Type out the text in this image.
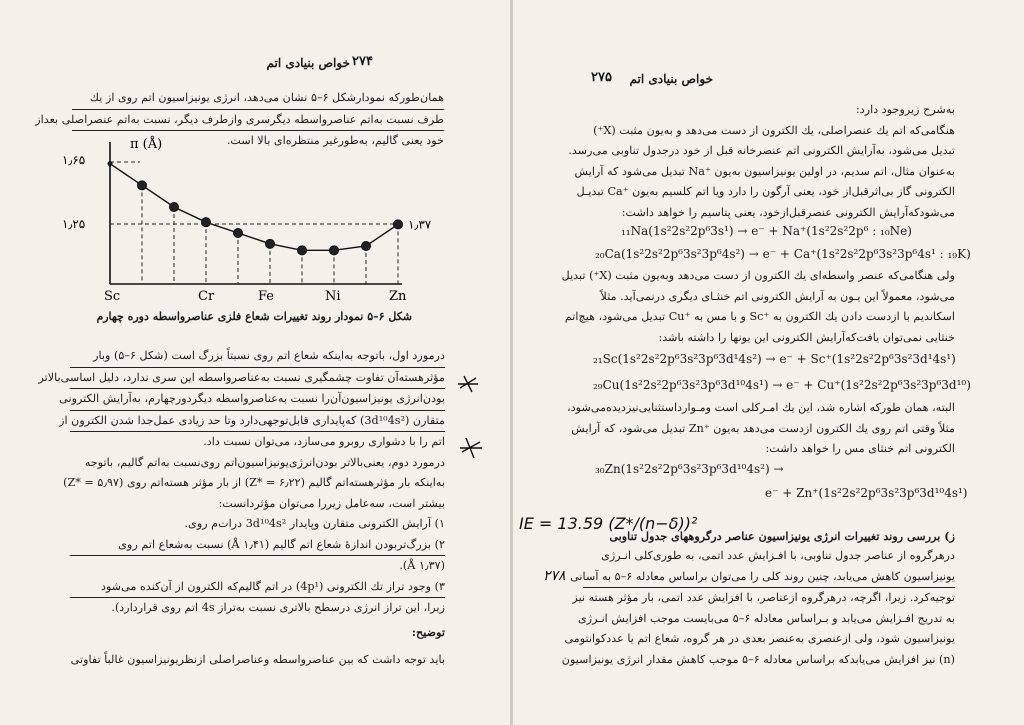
۲۷۴
خواص بنیادی اتم
همان‌طورکه نمودارشکل ۶–۵ نشان می‌دهد، انرژی یونیزاسیون اتم روی از یك
طرف نسبت به‌اتم عناصرواسطه دیگرسری وازطرف دیگر، نسبت به‌اتم عنصراصلی بعداز
خود یعنی گالیم، به‌طورغیر منتظره‌ای بالا است.
π (Å)
۱٫۶۵
۱٫۲۵	۱٫۳۷
Sc	Cr	Fe	Ni	Zn
شکل ۶–۵ نمودار روند تغییرات شعاع فلزی عناصرواسطه دوره چهارم
درمورد اول، باتوجه به‌اینکه شعاع اتم روی نسبتاً بزرگ است (شکل ۶–۵) وبار
مؤثرهسته‌آن تفاوت چشمگیری نسبت به‌عناصرواسطه این سری ندارد، دلیل اساسی‌بالاتر
بودن‌انرژی یونیزاسیون‌آن‌را نسبت به‌عناصرواسطه دیگردورچهارم، به‌آرایش الکترونی
متقارن (3d¹⁰4s²) که‌پایداری قابل‌توجهی‌دارد وتا حد زیادی عمل‌جدا شدن الکترون از
اتم را با دشواری روبرو می‌سازد، می‌توان نسبت داد.
درمورد دوم، یعنی‌بالاتر بودن‌انرژی‌یونیزاسیون‌اتم روی‌نسبت به‌اتم گالیم، باتوجه
به‌اینکه بار مؤثرهسته‌اتم گالیم (۶٫۲۲ = *Z) از بار مؤثر هسته‌اتم روی (۵٫۹۷ = *Z)
بیشتر است، سه‌عامل زیررا می‌توان مؤثردانست:
۱) آرایش الکترونی متقارن وپایدار 3d¹⁰4s² درات‌م روی.
۲) بزرگ‌تربودن اندازهٔ شعاع اتم گالیم (۱٫۴۱ Å) نسبت به‌شعاع اتم روی
(۱٫۳۷ Å).
۳) وجود تراز تك الکترونی (4p¹) در اتم گالیم‌که الکترون از آن‌کنده می‌شود
زیرا، این تراز انرژی درسطح بالاتری نسبت به‌تراز 4s اتم روی قراردارد).
توضیح:
باید توجه داشت که بین عناصرواسطه وعناصراصلی ازنظریونیزاسیون غالباً تفاوتی
۲۷۵	خواص بنیادی اتم
به‌شرح زیروجود دارد:
هنگامی‌که اتم یك عنصراصلی، یك الکترون از دست می‌دهد و به‌یون مثبت (X⁺)
تبدیل می‌شود، به‌آرایش الکترونی اتم عنصرخانه قبل از خود درجدول تناوبی می‌رسد.
به‌عنوان مثال، اتم سدیم، در اولین یونیزاسیون به‌یون ⁺Na تبدیل می‌شود که آرایش
الکترونی گاز بی‌اثرقبل‌از خود، یعنی آرگون را دارد ویا اتم کلسیم به‌یون ⁺Ca تبدیـل
می‌شودکه‌آرایش الکترونی عنصرقبل‌ازخود، یعنی پتاسیم را خواهد داشت:
₁₁Na(1s²2s²2p⁶3s¹) → e⁻ + Na⁺(1s²2s²2p⁶ : ₁₀Ne)
₂₀Ca(1s²2s²2p⁶3s²3p⁶4s²) → e⁻ + Ca⁺(1s²2s²2p⁶3s²3p⁶4s¹ : ₁₉K)
ولی هنگامی‌که عنصر واسطه‌ای یك الکترون از دست می‌دهد وبه‌یون مثبت (X⁺) تبدیل
می‌شود، معمولاً این یـون به آرایش الکترونی اتم خنثـای دیگری درنمی‌آید. مثلاً
اسکاندیم با ازدست دادن یك الکترون به ⁺Sc و با مس به ⁺Cu تبدیل می‌شود، هیچ‌اتم
خنثایی نمی‌توان یافت‌که‌آرایش الکترونی این یونها را داشته باشد:
₂₁Sc(1s²2s²2p⁶3s²3p⁶3d¹4s²) → e⁻ + Sc⁺(1s²2s²2p⁶3s²3d¹4s¹)
₂₉Cu(1s²2s²2p⁶3s²3p⁶3d¹⁰4s¹) → e⁻ + Cu⁺(1s²2s²2p⁶3s²3p⁶3d¹⁰)
البته، همان طورکه اشاره شد، این یك امـرکلی است ومـوارداستثنایی‌نیزدیده‌می‌شود،
مثلاً وقتی اتم روی یك الکترون ازدست می‌دهد به‌یون ⁺Zn تبدیل می‌شود، که آرایش
الکترونی اتم خنثای مس را خواهد داشت:
₃₀Zn(1s²2s²2p⁶3s²3p⁶3d¹⁰4s²) →
e⁻ + Zn⁺(1s²2s²2p⁶3s²3p⁶3d¹⁰4s¹)
ز) بررسی روند تغییرات انرژی یونیزاسیون عناصر درگروههای جدول تناوبی
درهرگروه از عناصر جدول تناوبی، با افـزایش عدد اتمی، به طوری‌کلی انـرژی
یونیزاسیون کاهش می‌یابد، چنین روند کلی را می‌توان براساس معادله ۶–۵ به آسانی
توجیه‌کرد. زیرا، اگرچه، درهرگروه ازعناصر، با افزایش عدد اتمی، بار مؤثر هسته نیز
به تدریج افـزایش می‌یابد و بـراساس معادله ۶–۵ می‌بایست موجب افزایش انـرژی
یونیزاسیون شود، ولی ازعنصری به‌عنصر بعدی در هر گروه، شعاع اتم یا عددکوانتومی
(n) نیز افزایش می‌یابدکه براساس معادله ۶–۵ موجب کاهش مقدار انرژی یونیزاسیون
IE = 13.59 (Z*/(n−δ))²
۲۷۸
